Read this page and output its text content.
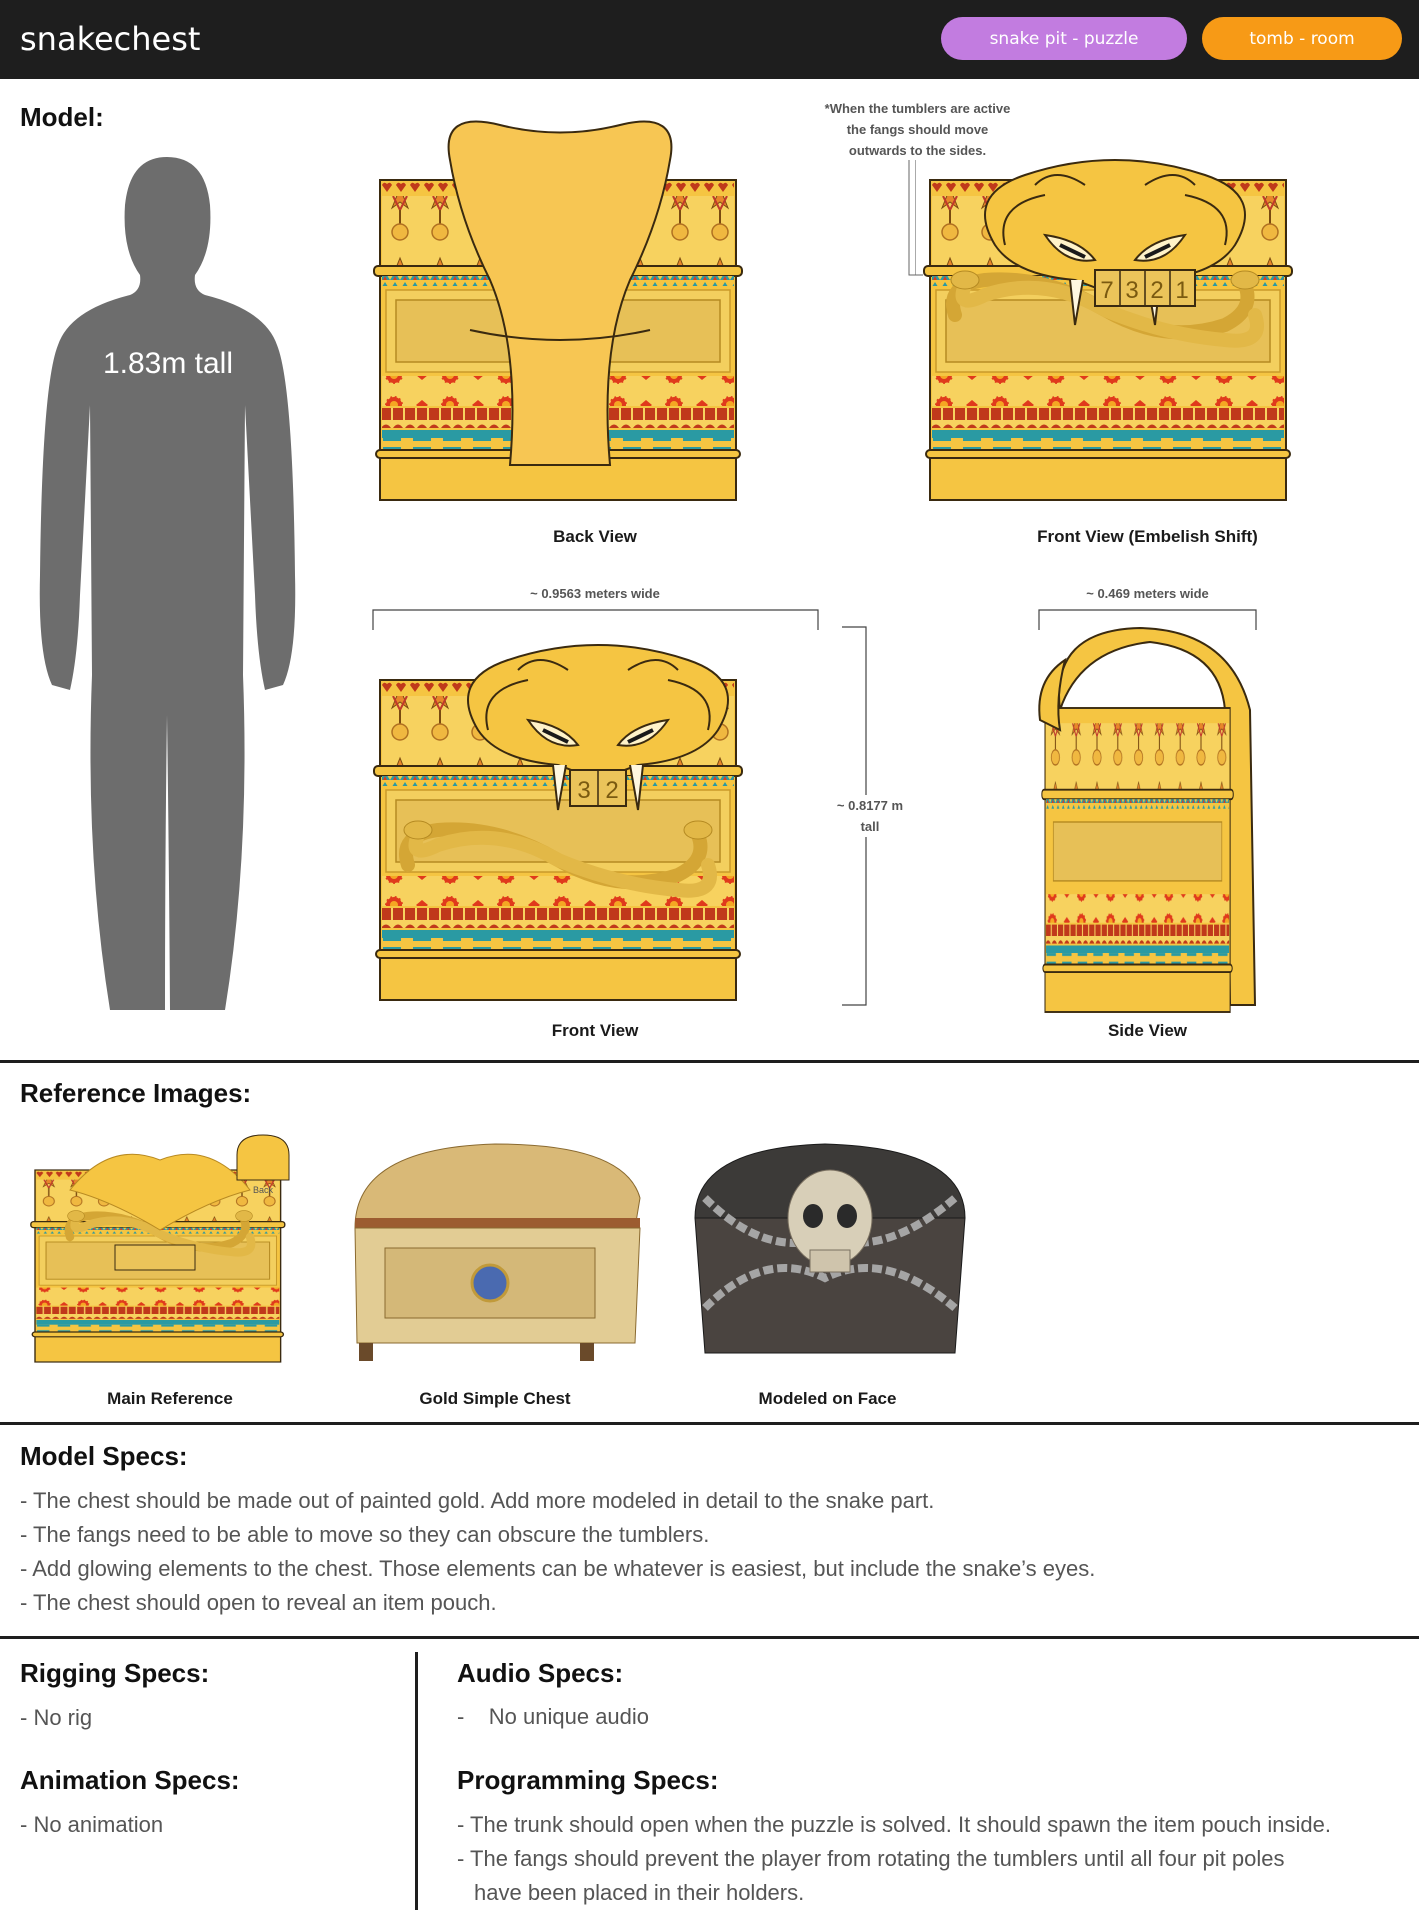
snakechest	snake pit - puzzle	tomb - room
Model:
1.83m tall
Back View
7 3 2 1
*When the tumblers are active
the fangs should move
outwards to the sides.
Front View (Embelish Shift)
~ 0.9563 meters wide
3 2
~ 0.8177 m
tall
Front View
~ 0.469 meters wide
Side View
Reference Images:
Back
Main Reference	Gold Simple Chest	Modeled on Face
Model Specs:
- The chest should be made out of painted gold. Add more modeled in detail to the snake part.
- The fangs need to be able to move so they can obscure the tumblers.
- Add glowing elements to the chest. Those elements can be whatever is easiest, but include the snake’s eyes.
- The chest should open to reveal an item pouch.
Rigging Specs:
- No rig
Animation Specs:
- No animation
Audio Specs:
-    No unique audio
Programming Specs:
- The trunk should open when the puzzle is solved. It should spawn the item pouch inside.
- The fangs should prevent the player from rotating the tumblers until all four pit poles
have been placed in their holders.
